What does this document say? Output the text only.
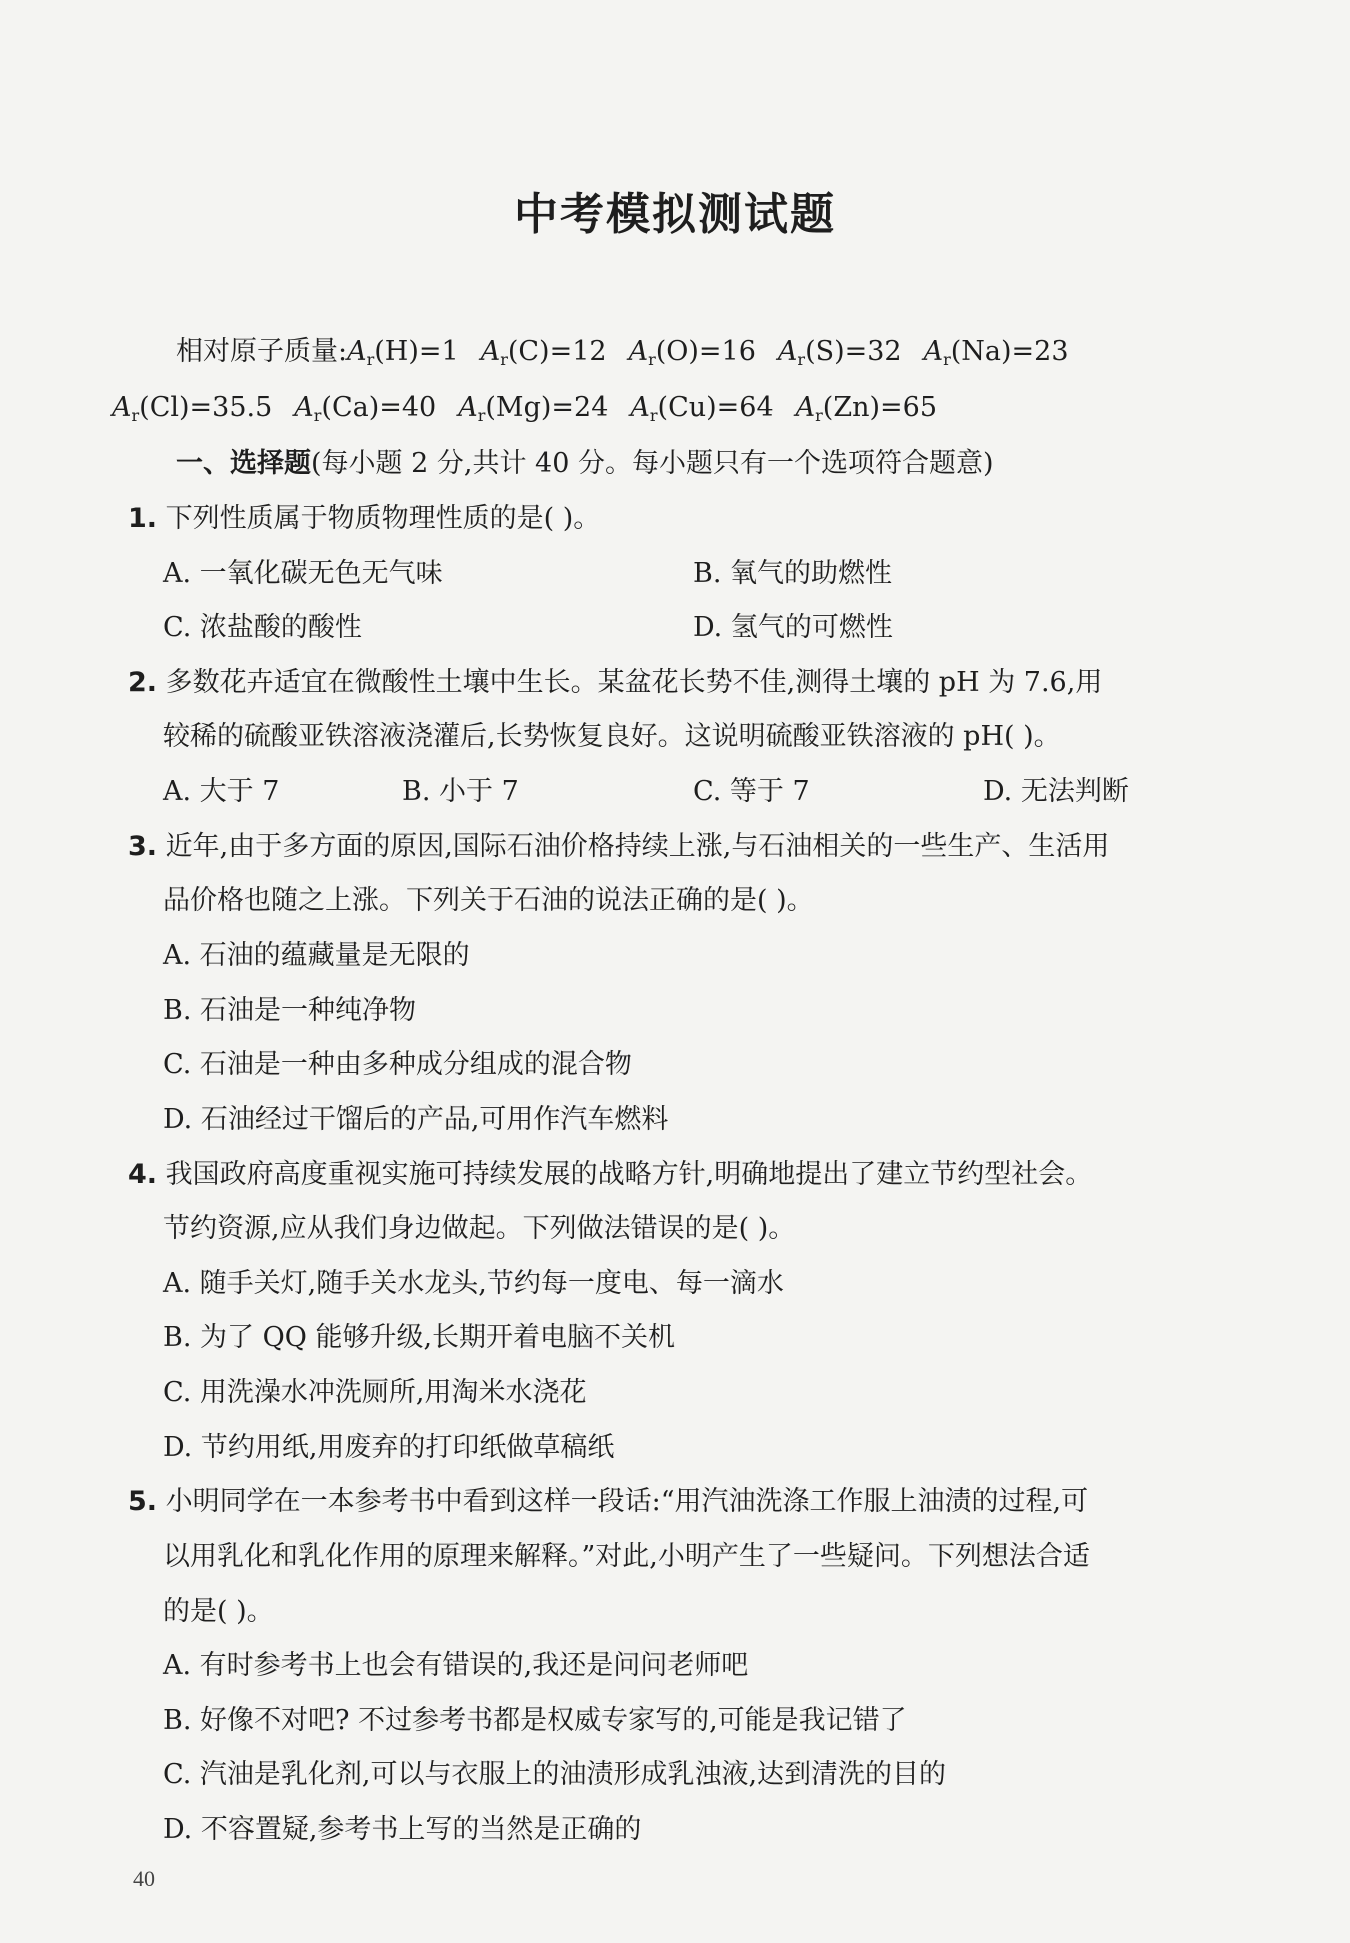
中考模拟测试题
相对原子质量$:A_r(H)=1$ $A_r(C)=12$ $A_r(O)=16$ $A_r(S)=32$ $A_r(Na)=23$
$A_r(Cl)=35.5$ $A_r(Ca)=40$ $A_r(Mg)=24$ $A_r(Cu)=64$ $A_r(Zn)=65$
一、选择题(每小题 2 分,共计 40 分。每小题只有一个选项符合题意)
1. 下列性质属于物质物理性质的是( )。
A. 一氧化碳无色无气味	B. 氧气的助燃性
C. 浓盐酸的酸性	D. 氢气的可燃性
2. 多数花卉适宜在微酸性土壤中生长。某盆花长势不佳,测得土壤的 pH 为 7.6,用
较稀的硫酸亚铁溶液浇灌后,长势恢复良好。这说明硫酸亚铁溶液的 pH( )。
A. 大于 7	B. 小于 7	C. 等于 7	D. 无法判断
3. 近年,由于多方面的原因,国际石油价格持续上涨,与石油相关的一些生产、生活用
品价格也随之上涨。下列关于石油的说法正确的是( )。
A. 石油的蕴藏量是无限的
B. 石油是一种纯净物
C. 石油是一种由多种成分组成的混合物
D. 石油经过干馏后的产品,可用作汽车燃料
4. 我国政府高度重视实施可持续发展的战略方针,明确地提出了建立节约型社会。
节约资源,应从我们身边做起。下列做法错误的是( )。
A. 随手关灯,随手关水龙头,节约每一度电、每一滴水
B. 为了 QQ 能够升级,长期开着电脑不关机
C. 用洗澡水冲洗厕所,用淘米水浇花
D. 节约用纸,用废弃的打印纸做草稿纸
5. 小明同学在一本参考书中看到这样一段话:“用汽油洗涤工作服上油渍的过程,可
以用乳化和乳化作用的原理来解释。”对此,小明产生了一些疑问。下列想法合适
的是( )。
A. 有时参考书上也会有错误的,我还是问问老师吧
B. 好像不对吧? 不过参考书都是权威专家写的,可能是我记错了
C. 汽油是乳化剂,可以与衣服上的油渍形成乳浊液,达到清洗的目的
D. 不容置疑,参考书上写的当然是正确的
40
